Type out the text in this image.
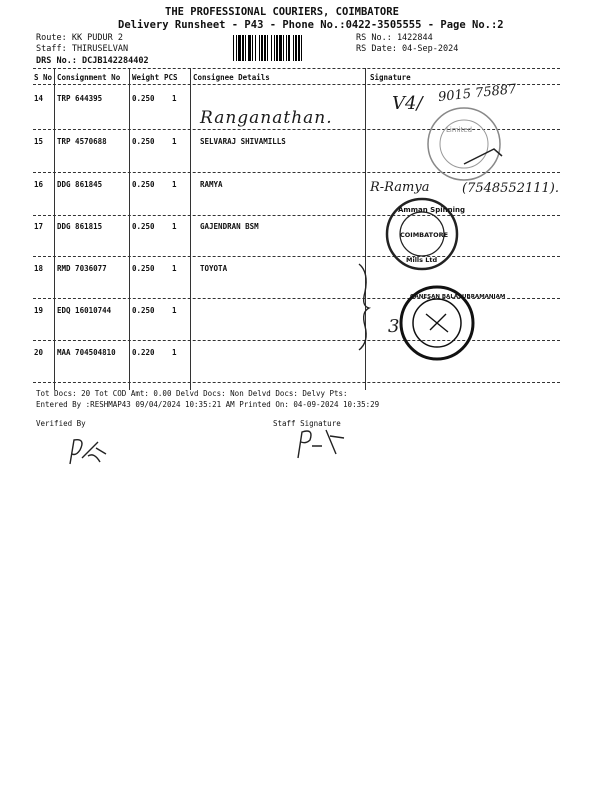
THE PROFESSIONAL COURIERS, COIMBATORE
Delivery Runsheet - P43 - Phone No.:0422-3505555 - Page No.:2
Route: KK PUDUR 2
Staff: THIRUSELVAN
DRS No.: DCJB142284402
RS No.: 1422844
RS Date: 04-Sep-2024
S No Consignment No Weight PCS Consignee Details	Signature
14 TRP 644395	0.250 1
15 TRP 4570688	0.250 1	SELVARAJ SHIVAMILLS
16 DDG 861845	0.250 1	RAMYA
17 DDG 861815	0.250 1	GAJENDRAN BSM
18 RMD 7036077	0.250 1	TOYOTA
19 EDQ 16010744	0.250 1
20 MAA 704504810 0.220 1
Ranganathan.
V4/ 9015 75887
R-Ramya	(7548552111).
3
Limited
Amman Spinning
COIMBATORE
Mills Ltd
GANESAN BALASUBRAMANIAM
Tot Docs: 20 Tot COD Amt: 0.00 Delvd Docs: Non Delvd Docs: Delvy Pts:
Entered By :RESHMAP43 09/04/2024 10:35:21 AM Printed On: 04-09-2024 10:35:29
Verified By	Staff Signature
